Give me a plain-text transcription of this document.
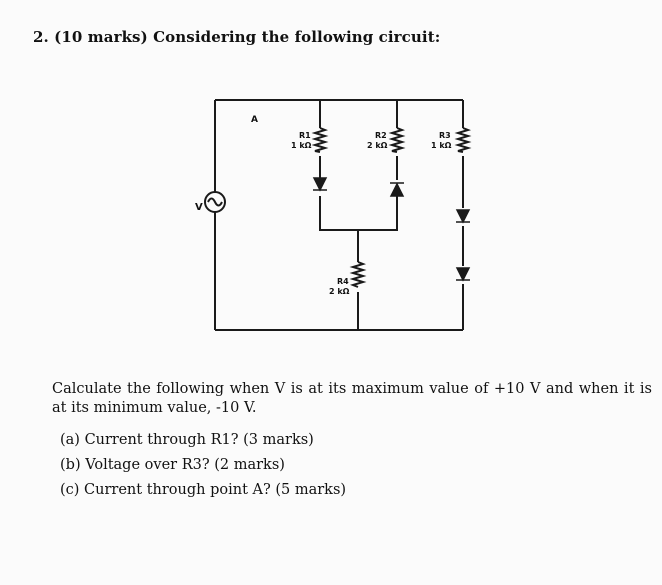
2. (10 marks) Considering the following circuit:
V
A
R1
1 kΩ
R2
2 kΩ
R3
1 kΩ
R4
2 kΩ
Calculate the following when V is at its maximum value of +10 V and when it is at its minimum value, -10 V.
(a) Current through R1? (3 marks)
(b) Voltage over R3? (2 marks)
(c) Current through point A? (5 marks)
